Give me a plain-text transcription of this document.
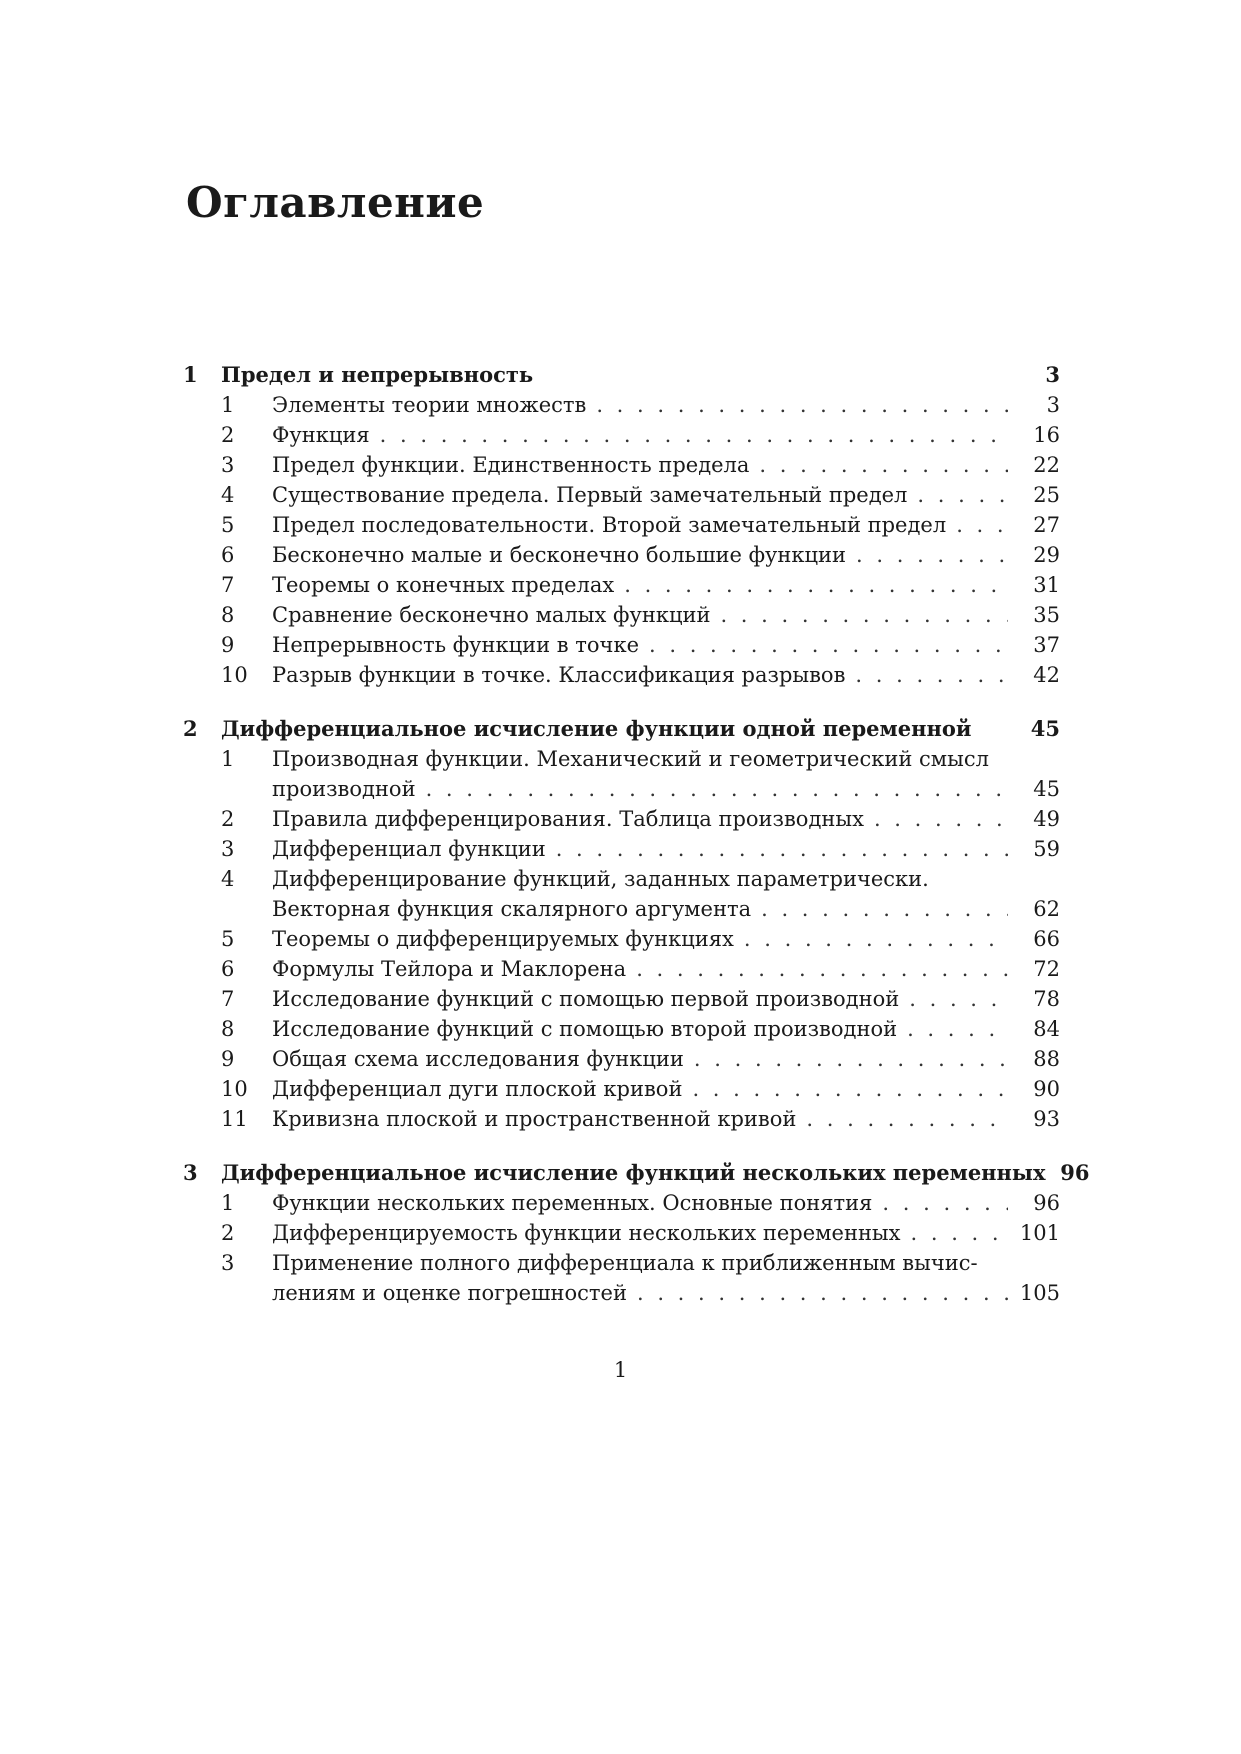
Оглавление
1 Предел и непрерывность	3
1	Элементы теории множеств . . .	3
2	Функция . . .	16
3	Предел функции. Единственность предела . . .	22
4	Существование предела. Первый замечательный предел . . .	25
5	Предел последовательности. Второй замечательный предел . . .	27
6	Бесконечно малые и бесконечно большие функции . . .	29
7	Теоремы о конечных пределах . . .	31
8	Сравнение бесконечно малых функций . . .	35
9	Непрерывность функции в точке . . .	37
10 Разрыв функции в точке. Классификация разрывов . . .	42
2 Дифференциальное исчисление функции одной переменной	45
1	Производная функции. Механический и геометрический смысл
производной . . .	45
2	Правила дифференцирования. Таблица производных . . .	49
3	Дифференциал функции . . .	59
4	Дифференцирование функций, заданных параметрически.
Векторная функция скалярного аргумента . . .	62
5	Теоремы о дифференцируемых функциях . . .	66
6	Формулы Тейлора и Маклорена . . .	72
7	Исследование функций с помощью первой производной . . .	78
8	Исследование функций с помощью второй производной . . .	84
9	Общая схема исследования функции . . .	88
10 Дифференциал дуги плоской кривой . . .	90
11 Кривизна плоской и пространственной кривой . . .	93
3 Дифференциальное исчисление функций нескольких переменных 96
1	Функции нескольких переменных. Основные понятия . . .	96
2	Дифференцируемость функции нескольких переменных . . .	101
3	Применение полного дифференциала к приближенным вычис-
лениям и оценке погрешностей . . .	105
1
